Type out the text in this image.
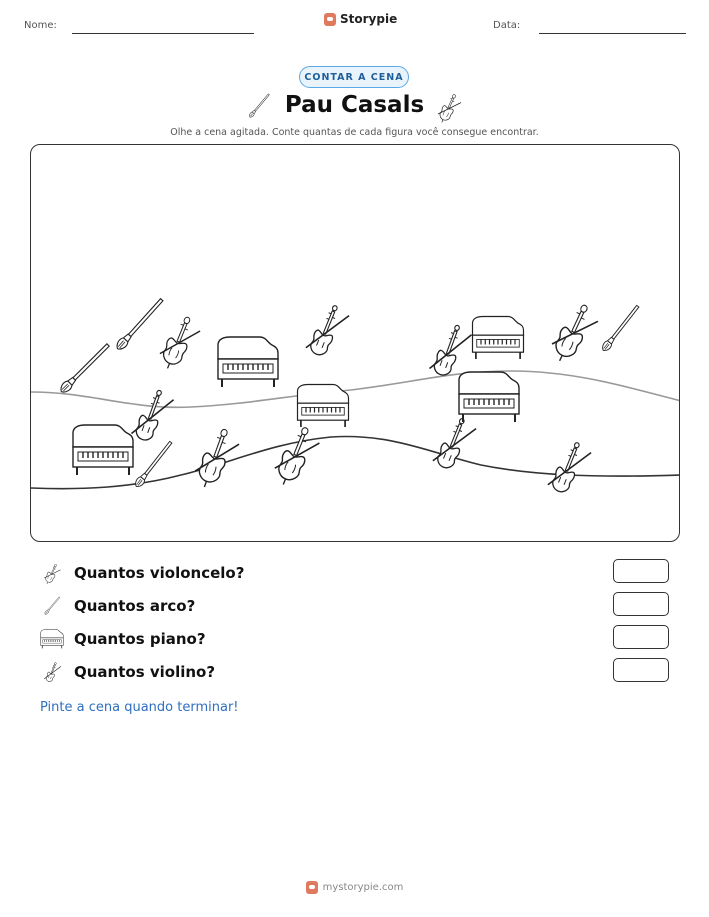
Nome:	Storypie	Data:
CONTAR A CENA
Pau Casals
Olhe a cena agitada. Conte quantas de cada figura você consegue encontrar.
Quantos violoncelo?
Quantos arco?
Quantos piano?
Quantos violino?
Pinte a cena quando terminar!
mystorypie.com
